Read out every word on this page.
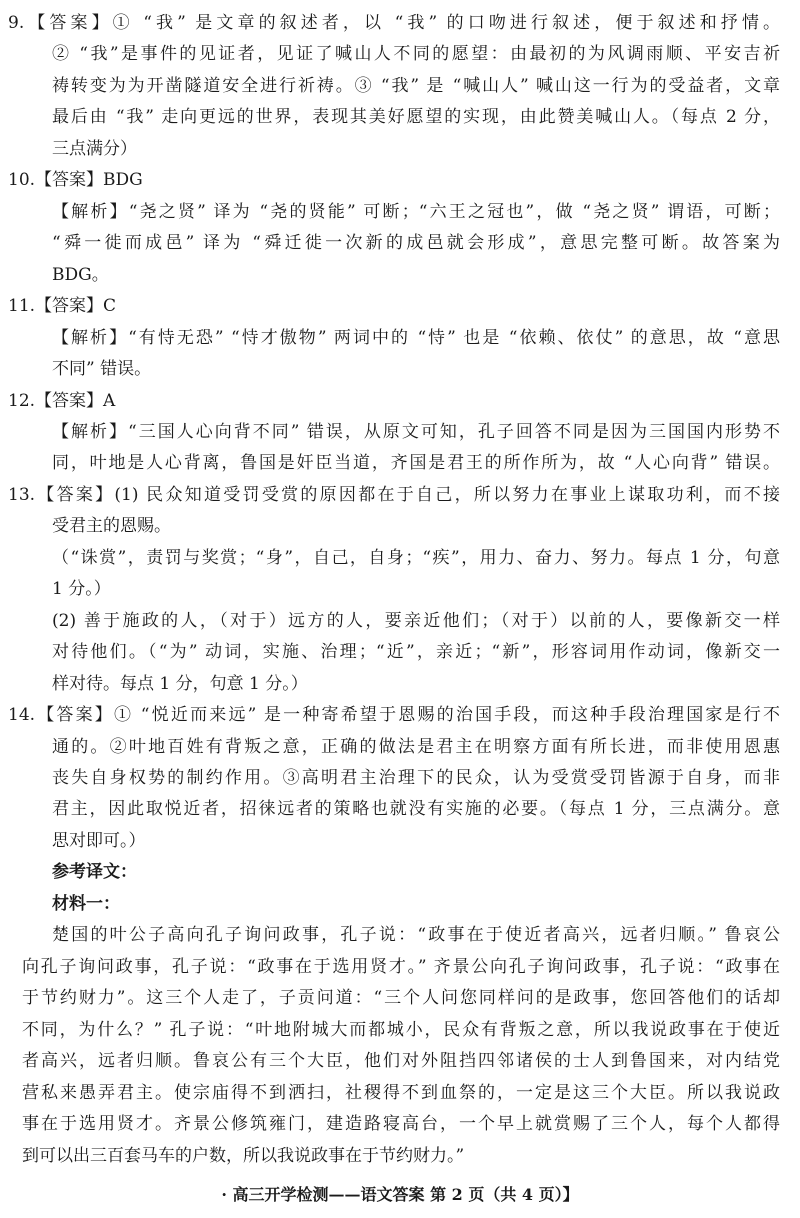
9.【答案】① “我” 是文章的叙述者，以 “我” 的口吻进行叙述，便于叙述和抒情。
② “我”是事件的见证者，见证了喊山人不同的愿望：由最初的为风调雨顺、平安吉祈
祷转变为为开凿隧道安全进行祈祷。③ “我” 是 “喊山人” 喊山这一行为的受益者，文章
最后由 “我” 走向更远的世界，表现其美好愿望的实现，由此赞美喊山人。（每点 2 分，
三点满分）
10.【答案】BDG
【解析】“尧之贤” 译为 “尧的贤能” 可断；“六王之冠也”，做 “尧之贤” 谓语，可断；
“舜一徙而成邑” 译为 “舜迁徙一次新的成邑就会形成”，意思完整可断。故答案为
BDG。
11.【答案】C
【解析】“有恃无恐” “恃才傲物” 两词中的 “恃” 也是 “依赖、依仗” 的意思，故 “意思
不同” 错误。
12.【答案】A
【解析】“三国人心向背不同” 错误，从原文可知，孔子回答不同是因为三国国内形势不
同，叶地是人心背离，鲁国是奸臣当道，齐国是君王的所作所为，故 “人心向背” 错误。
13.【答案】(1) 民众知道受罚受赏的原因都在于自己，所以努力在事业上谋取功利，而不接
受君主的恩赐。
（“诛赏”，责罚与奖赏；“身”，自己，自身；“疾”，用力、奋力、努力。每点 1 分，句意
1 分。）
(2) 善于施政的人，（对于）远方的人，要亲近他们；（对于）以前的人，要像新交一样
对待他们。（“为” 动词，实施、治理；“近”，亲近；“新”，形容词用作动词，像新交一
样对待。每点 1 分，句意 1 分。）
14.【答案】① “悦近而来远” 是一种寄希望于恩赐的治国手段，而这种手段治理国家是行不
通的。②叶地百姓有背叛之意，正确的做法是君主在明察方面有所长进，而非使用恩惠
丧失自身权势的制约作用。③高明君主治理下的民众，认为受赏受罚皆源于自身，而非
君主，因此取悦近者，招徕远者的策略也就没有实施的必要。（每点 1 分，三点满分。意
思对即可。）
参考译文：
材料一：
楚国的叶公子高向孔子询问政事，孔子说：“政事在于使近者高兴，远者归顺。” 鲁哀公
向孔子询问政事，孔子说：“政事在于选用贤才。” 齐景公向孔子询问政事，孔子说：“政事在
于节约财力”。这三个人走了，子贡问道：“三个人问您同样问的是政事，您回答他们的话却
不同，为什么？” 孔子说：“叶地附城大而都城小，民众有背叛之意，所以我说政事在于使近
者高兴，远者归顺。鲁哀公有三个大臣，他们对外阻挡四邻诸侯的士人到鲁国来，对内结党
营私来愚弄君主。使宗庙得不到洒扫，社稷得不到血祭的，一定是这三个大臣。所以我说政
事在于选用贤才。齐景公修筑雍门，建造路寝高台，一个早上就赏赐了三个人，每个人都得
到可以出三百套马车的户数，所以我说政事在于节约财力。”
· 高三开学检测——语文答案 第 2 页（共 4 页）】
